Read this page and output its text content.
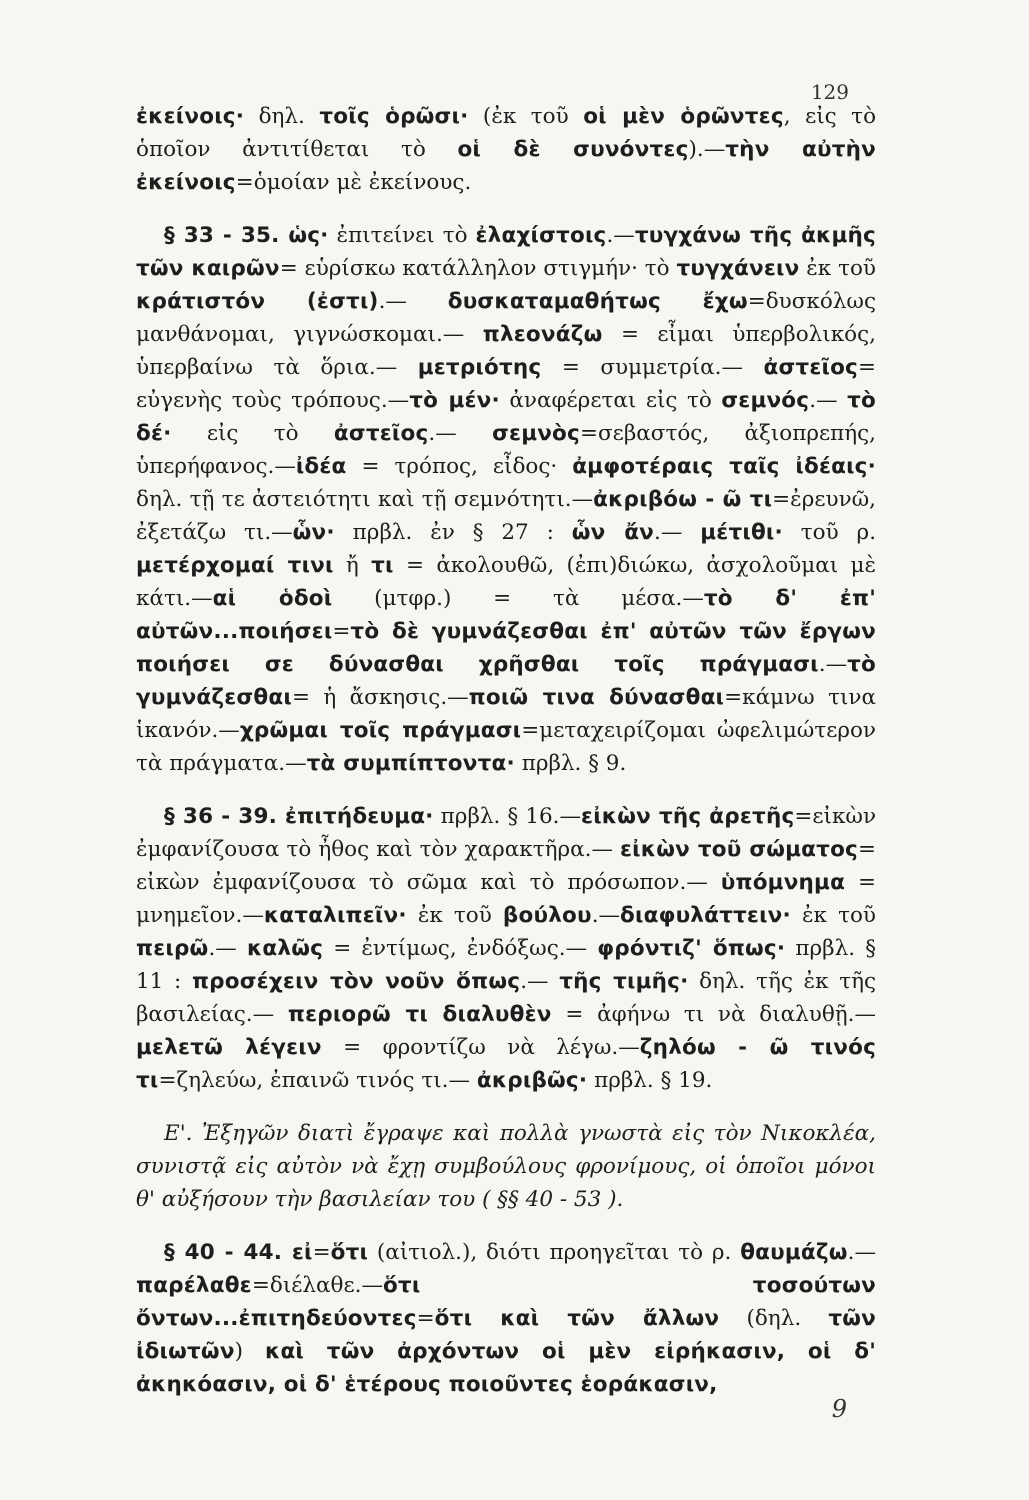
129

ἐκείνοις· δηλ. τοῖς ὁρῶσι· (ἐκ τοῦ οἱ μὲν ὁρῶντες, εἰς τὸ ὁποῖον ἀντιτίθεται τὸ οἱ δὲ συνόντες).—τὴν αὐτὴν ἐκείνοις=ὁμοίαν μὲ ἐκείνους.

§ 33 - 35. ὡς· ἐπιτείνει τὸ ἐλαχίστοις.—τυγχάνω τῆς ἀκμῆς τῶν καιρῶν= εὑρίσκω κατάλληλον στιγμήν· τὸ τυγχάνειν ἐκ τοῦ κράτιστόν (ἐστι).— δυσκαταμαθήτως ἔχω=δυσκόλως μανθάνομαι, γιγνώσκομαι.— πλεονάζω = εἶμαι ὑπερβολικός, ὑπερβαίνω τὰ ὅρια.— μετριότης = συμμετρία.— ἀστεῖος= εὐγενὴς τοὺς τρόπους.—τὸ μέν· ἀναφέρεται εἰς τὸ σεμνός.— τὸ δέ· εἰς τὸ ἀστεῖος.— σεμνὸς=σεβαστός, ἀξιοπρεπής, ὑπερήφανος.—ἰδέα = τρόπος, εἶδος· ἀμφοτέραις ταῖς ἰδέαις· δηλ. τῇ τε ἀστειότητι καὶ τῇ σεμνότητι.—ἀκριβόω - ῶ τι=ἐρευνῶ, ἐξετάζω τι.—ὧν· πρβλ. ἐν § 27 : ὧν ἄν.— μέτιθι· τοῦ ρ. μετέρχομαί τινι ἤ τι = ἀκολουθῶ, (ἐπι)διώκω, ἀσχολοῦμαι μὲ κάτι.—αἱ ὁδοὶ (μτφρ.) = τὰ μέσα.—τὸ δ' ἐπ' αὐτῶν...ποιήσει=τὸ δὲ γυμνάζεσθαι ἐπ' αὐτῶν τῶν ἔργων ποιήσει σε δύνασθαι χρῆσθαι τοῖς πράγμασι.—τὸ γυμνάζεσθαι= ἡ ἄσκησις.—ποιῶ τινα δύνασθαι=κάμνω τινα ἱκανόν.—χρῶμαι τοῖς πράγμασι=μεταχειρίζομαι ὠφελιμώτερον τὰ πράγματα.—τὰ συμπίπτοντα· πρβλ. § 9.

§ 36 - 39. ἐπιτήδευμα· πρβλ. § 16.—εἰκὼν τῆς ἀρετῆς=εἰκὼν ἐμφανίζουσα τὸ ἦθος καὶ τὸν χαρακτῆρα.— εἰκὼν τοῦ σώματος= εἰκὼν ἐμφανίζουσα τὸ σῶμα καὶ τὸ πρόσωπον.— ὑπόμνημα = μνημεῖον.—καταλιπεῖν· ἐκ τοῦ βούλου.—διαφυλάττειν· ἐκ τοῦ πειρῶ.— καλῶς = ἐντίμως, ἐνδόξως.— φρόντιζ' ὅπως· πρβλ. § 11 : προσέχειν τὸν νοῦν ὅπως.— τῆς τιμῆς· δηλ. τῆς ἐκ τῆς βασιλείας.— περιορῶ τι διαλυθὲν = ἀφήνω τι νὰ διαλυθῇ.— μελετῶ λέγειν = φροντίζω νὰ λέγω.—ζηλόω - ῶ τινός τι=ζηλεύω, ἐπαινῶ τινός τι.— ἀκριβῶς· πρβλ. § 19.

Ε'. Ἐξηγῶν διατὶ ἔγραψε καὶ πολλὰ γνωστὰ εἰς τὸν Νικοκλέα, συνιστᾷ εἰς αὐτὸν νὰ ἔχῃ συμβούλους φρονίμους, οἱ ὁποῖοι μόνοι θ' αὐξήσουν τὴν βασιλείαν του ( §§ 40 - 53 ).

§ 40 - 44. εἰ=ὅτι (αἰτιολ.), διότι προηγεῖται τὸ ρ. θαυμάζω.— παρέλαθε=διέλαθε.—ὅτι τοσούτων ὄντων...ἐπιτηδεύοντες=ὅτι καὶ τῶν ἄλλων (δηλ. τῶν ἰδιωτῶν) καὶ τῶν ἀρχόντων οἱ μὲν εἰρήκασιν, οἱ δ' ἀκηκόασιν, οἱ δ' ἑτέρους ποιοῦντες ἑοράκασιν,

9
